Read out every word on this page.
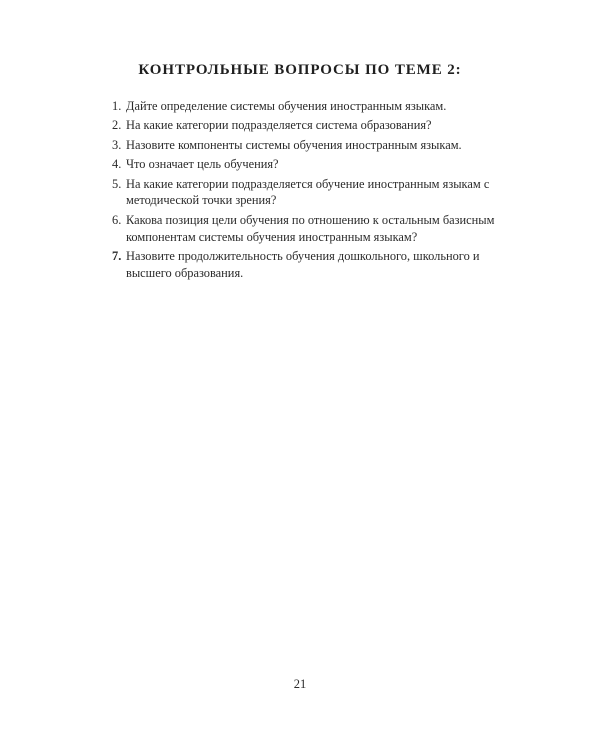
КОНТРОЛЬНЫЕ ВОПРОСЫ ПО ТЕМЕ 2:
1. Дайте определение системы обучения иностранным языкам.
2. На какие категории подразделяется система образования?
3. Назовите компоненты системы обучения иностранным языкам.
4. Что означает цель обучения?
5. На какие категории подразделяется обучение иностранным языкам с методической точки зрения?
6. Какова позиция цели обучения по отношению к остальным базисным компонентам системы обучения иностранным языкам?
7. Назовите продолжительность обучения дошкольного, школьного и высшего образования.
21
